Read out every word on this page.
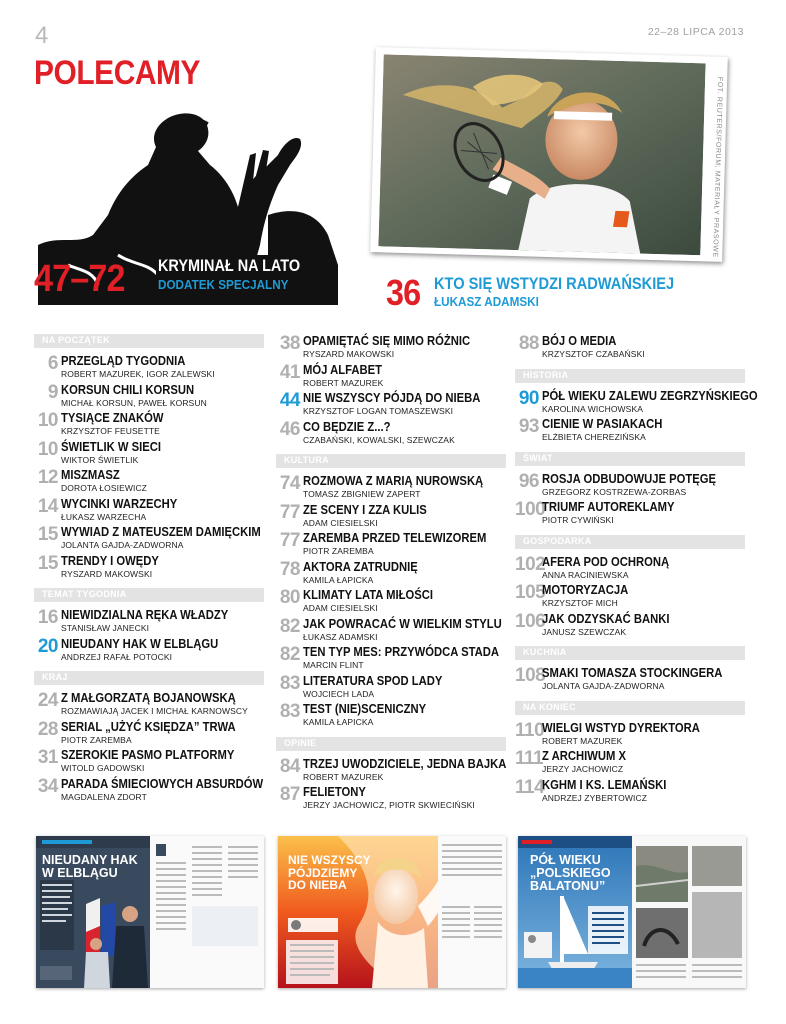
4	22–28 LIPCA 2013
POLECAMY
47–72 KRYMINAŁ NA LATO
DODATEK SPECJALNY
FOT. REUTERS/FORUM; MATERIAŁY PRASOWE
36 KTO SIĘ WSTYDZI RADWAŃSKIEJ
ŁUKASZ ADAMSKI
NA POCZĄTEK
6 PRZEGLĄD TYGODNIA
ROBERT MAZUREK, IGOR ZALEWSKI
9 KORSUN CHILI KORSUN
MICHAŁ KORSUN, PAWEŁ KORSUN
10 TYSIĄCE ZNAKÓW
KRZYSZTOF FEUSETTE
10 ŚWIETLIK W SIECI
WIKTOR ŚWIETLIK
12 MISZMASZ
DOROTA ŁOSIEWICZ
14 WYCINKI WARZECHY
ŁUKASZ WARZECHA
15 WYWIAD Z MATEUSZEM DAMIĘCKIM
JOLANTA GAJDA-ZADWORNA
15 TRENDY I OWĘDY
RYSZARD MAKOWSKI
TEMAT TYGODNIA
16 NIEWIDZIALNA RĘKA WŁADZY
STANISŁAW JANECKI
20 NIEUDANY HAK W ELBLĄGU
ANDRZEJ RAFAŁ POTOCKI
KRAJ
24 Z MAŁGORZATĄ BOJANOWSKĄ
ROZMAWIAJĄ JACEK I MICHAŁ KARNOWSCY
28 SERIAL „UŻYĆ KSIĘDZA” TRWA
PIOTR ZAREMBA
31 SZEROKIE PASMO PLATFORMY
WITOLD GADOWSKI
34 PARADA ŚMIECIOWYCH ABSURDÓW
MAGDALENA ZDORT
38 OPAMIĘTAĆ SIĘ MIMO RÓŻNIC
RYSZARD MAKOWSKI
41 MÓJ ALFABET
ROBERT MAZUREK
44 NIE WSZYSCY PÓJDĄ DO NIEBA
KRZYSZTOF LOGAN TOMASZEWSKI
46 CO BĘDZIE Z...?
CZABAŃSKI, KOWALSKI, SZEWCZAK
KULTURA
74 ROZMOWA Z MARIĄ NUROWSKĄ
TOMASZ ZBIGNIEW ZAPERT
77 ZE SCENY I ZZA KULIS
ADAM CIESIELSKI
77 ZAREMBA PRZED TELEWIZOREM
PIOTR ZAREMBA
78 AKTORA ZATRUDNIĘ
KAMILA ŁAPICKA
80 KLIMATY LATA MIŁOŚCI
ADAM CIESIELSKI
82 JAK POWRACAĆ W WIELKIM STYLU
ŁUKASZ ADAMSKI
82 TEN TYP MES: PRZYWÓDCA STADA
MARCIN FLINT
83 LITERATURA SPOD LADY
WOJCIECH LADA
83 TEST (NIE)SCENICZNY
KAMILA ŁAPICKA
OPINIE
84 TRZEJ UWODZICIELE, JEDNA BAJKA
ROBERT MAZUREK
87 FELIETONY
JERZY JACHOWICZ, PIOTR SKWIECIŃSKI
88 BÓJ O MEDIA
KRZYSZTOF CZABAŃSKI
HISTORIA
90 PÓŁ WIEKU ZALEWU ZEGRZYŃSKIEGO
KAROLINA WICHOWSKA
93 CIENIE W PASIAKACH
ELŻBIETA CHEREZIŃSKA
ŚWIAT
96 ROSJA ODBUDOWUJE POTĘGĘ
GRZEGORZ KOSTRZEWA-ZORBAS
100
TRIUMF AUTOREKLAMY
PIOTR CYWIŃSKI
GOSPODARKA
102
AFERA POD OCHRONĄ
ANNA RACINIEWSKA
105
MOTORYZACJA
KRZYSZTOF MICH
106
JAK ODZYSKAĆ BANKI
JANUSZ SZEWCZAK
KUCHNIA
108
SMAKI TOMASZA STOCKINGERA
JOLANTA GAJDA-ZADWORNA
NA KONIEC
110
WIELGI WSTYD DYREKTORA
ROBERT MAZUREK
111
Z ARCHIWUM X
JERZY JACHOWICZ
114
KGHM I KS. LEMAŃSKI
ANDRZEJ ZYBERTOWICZ
NIEUDANY HAK W ELBLĄGU
NIE WSZYSCY PÓJDZIEMY DO NIEBA
PÓŁ WIEKU „POLSKIEGO BALATONU”
